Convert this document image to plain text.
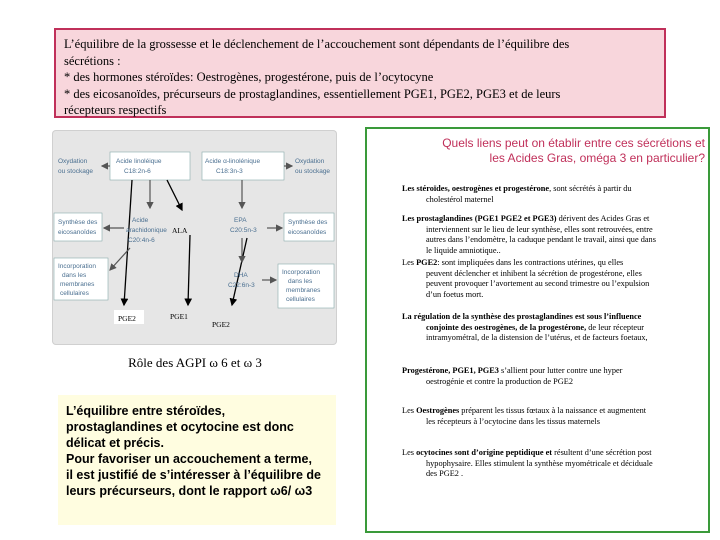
L’équilibre de la grossesse et le déclenchement de l’accouchement sont dépendants de l’équilibre des
sécrétions :
* des hormones stéroïdes: Oestrogènes, progestérone, puis de l’ocytocyne
* des eicosanoïdes, précurseurs de prostaglandines, essentiellement PGE1, PGE2, PGE3 et de leurs
récepteurs respectifs
Oxydation
ou stockage
Acide linoléique
C18:2n-6
Acide α-linolénique
C18:3n-3
Oxydation
ou stockage
Acide
arachidonique
C20:4n-6
ALA
EPA
C20:5n-3
Synthèse des
eicosanoïdes
Synthèse des
eicosanoïdes
Incorporation
dans les
membranes
cellulaires
DHA
C22:6n-3
Incorporation
dans les
membranes
cellulaires
PGE2	PGE1
PGE2
Rôle des AGPI ω 6 et ω 3
L’équilibre entre stéroïdes,
prostaglandines et ocytocine est donc
délicat et précis.
Pour favoriser un accouchement a terme,
il est justifié de s’intéresser à l’équilibre de
leurs précurseurs, dont le rapport ω6/ ω3
Quels liens peut on établir entre ces sécrétions et
les Acides Gras, oméga 3 en particulier?
Les stéroïdes, oestrogènes et progestérone, sont sécrétés à partir du
cholestérol maternel
Les prostaglandines (PGE1 PGE2 et PGE3) dérivent des Acides Gras et
interviennent sur le lieu de leur synthèse, elles sont retrouvées, entre
autres dans l’endomètre, la caduque pendant le travail, ainsi que dans
le liquide amniotique..
Les PGE2: sont impliquées dans les contractions utérines, qu elles
peuvent déclencher et inhibent la sécrétion de progestérone, elles
peuvent provoquer l’avortement au second trimestre ou l’expulsion
d’un foetus mort.
La régulation de la synthèse des prostaglandines est sous l’influence
conjointe des oestrogènes, de la progestérone, de leur récepteur
intramyométral, de la distension de l’utérus, et de facteurs foetaux,
Progestérone, PGE1, PGE3 s’allient pour lutter contre une hyper
oestrogénie et contre la production de PGE2
Les Oestrogènes préparent les tissus fœtaux à la naissance et augmentent
les récepteurs à l’ocytocine dans les tissus maternels
Les ocytocines sont d’origine peptidique et résultent d’une sécrétion post
hypophysaire. Elles stimulent la synthèse myométricale et déciduale
des PGE2 .
